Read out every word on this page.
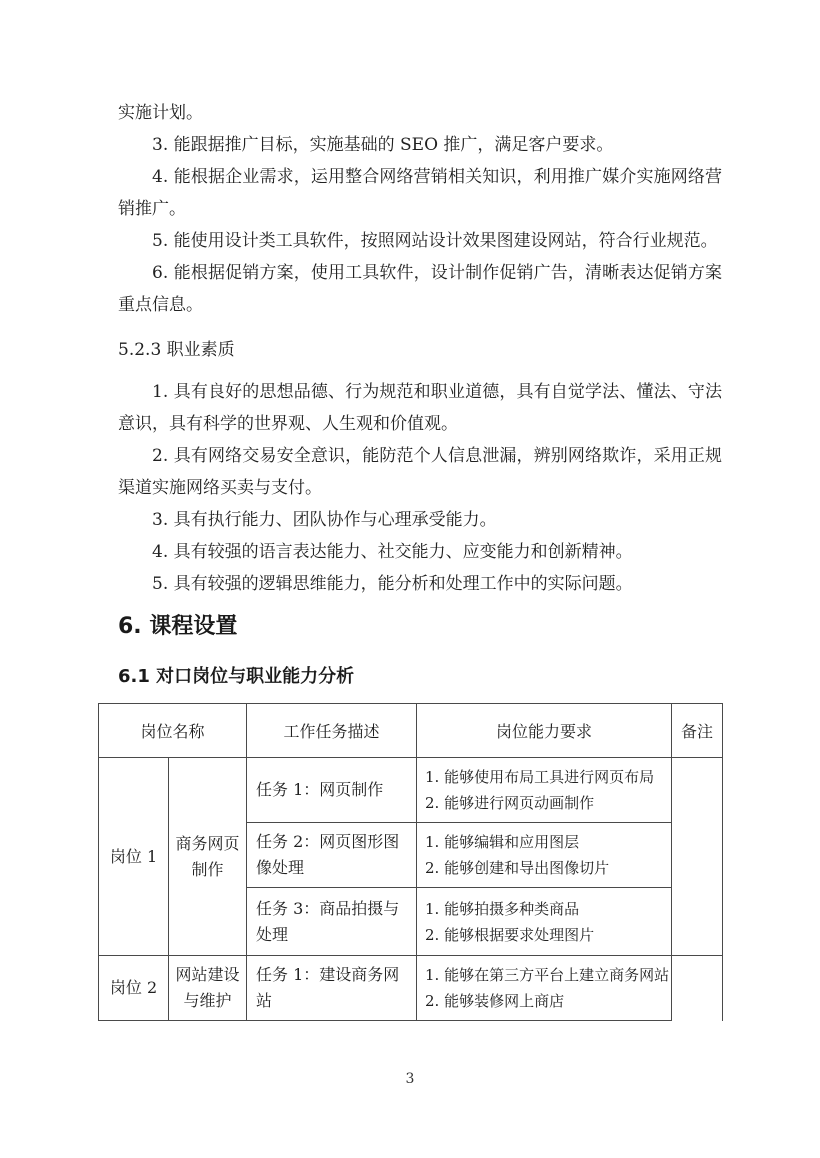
实施计划。

3. 能跟据推广目标，实施基础的 SEO 推广，满足客户要求。

4. 能根据企业需求，运用整合网络营销相关知识，利用推广媒介实施网络营销推广。

5. 能使用设计类工具软件，按照网站设计效果图建设网站，符合行业规范。

6. 能根据促销方案，使用工具软件，设计制作促销广告，清晰表达促销方案重点信息。

5.2.3 职业素质

1. 具有良好的思想品德、行为规范和职业道德，具有自觉学法、懂法、守法意识，具有科学的世界观、人生观和价值观。

2. 具有网络交易安全意识，能防范个人信息泄漏，辨别网络欺诈，采用正规渠道实施网络买卖与支付。

3. 具有执行能力、团队协作与心理承受能力。

4. 具有较强的语言表达能力、社交能力、应变能力和创新精神。

5. 具有较强的逻辑思维能力，能分析和处理工作中的实际问题。

6. 课程设置
6.1 对口岗位与职业能力分析
岗位名称		工作任务描述	岗位能力要求	备注
岗位 1	商务网页制作	任务 1：网页制作	1. 能够使用布局工具进行网页布局
2. 能够进行网页动画制作	

		任务 2：网页图形图像处理	1. 能够编辑和应用图层
2. 能够创建和导出图像切片	

		任务 3：商品拍摄与处理	1. 能够拍摄多种类商品
2. 能够根据要求处理图片	

岗位 2	网站建设与维护	任务 1：建设商务网站	1. 能够在第三方平台上建立商务网站
2. 能够装修网上商店	

3
